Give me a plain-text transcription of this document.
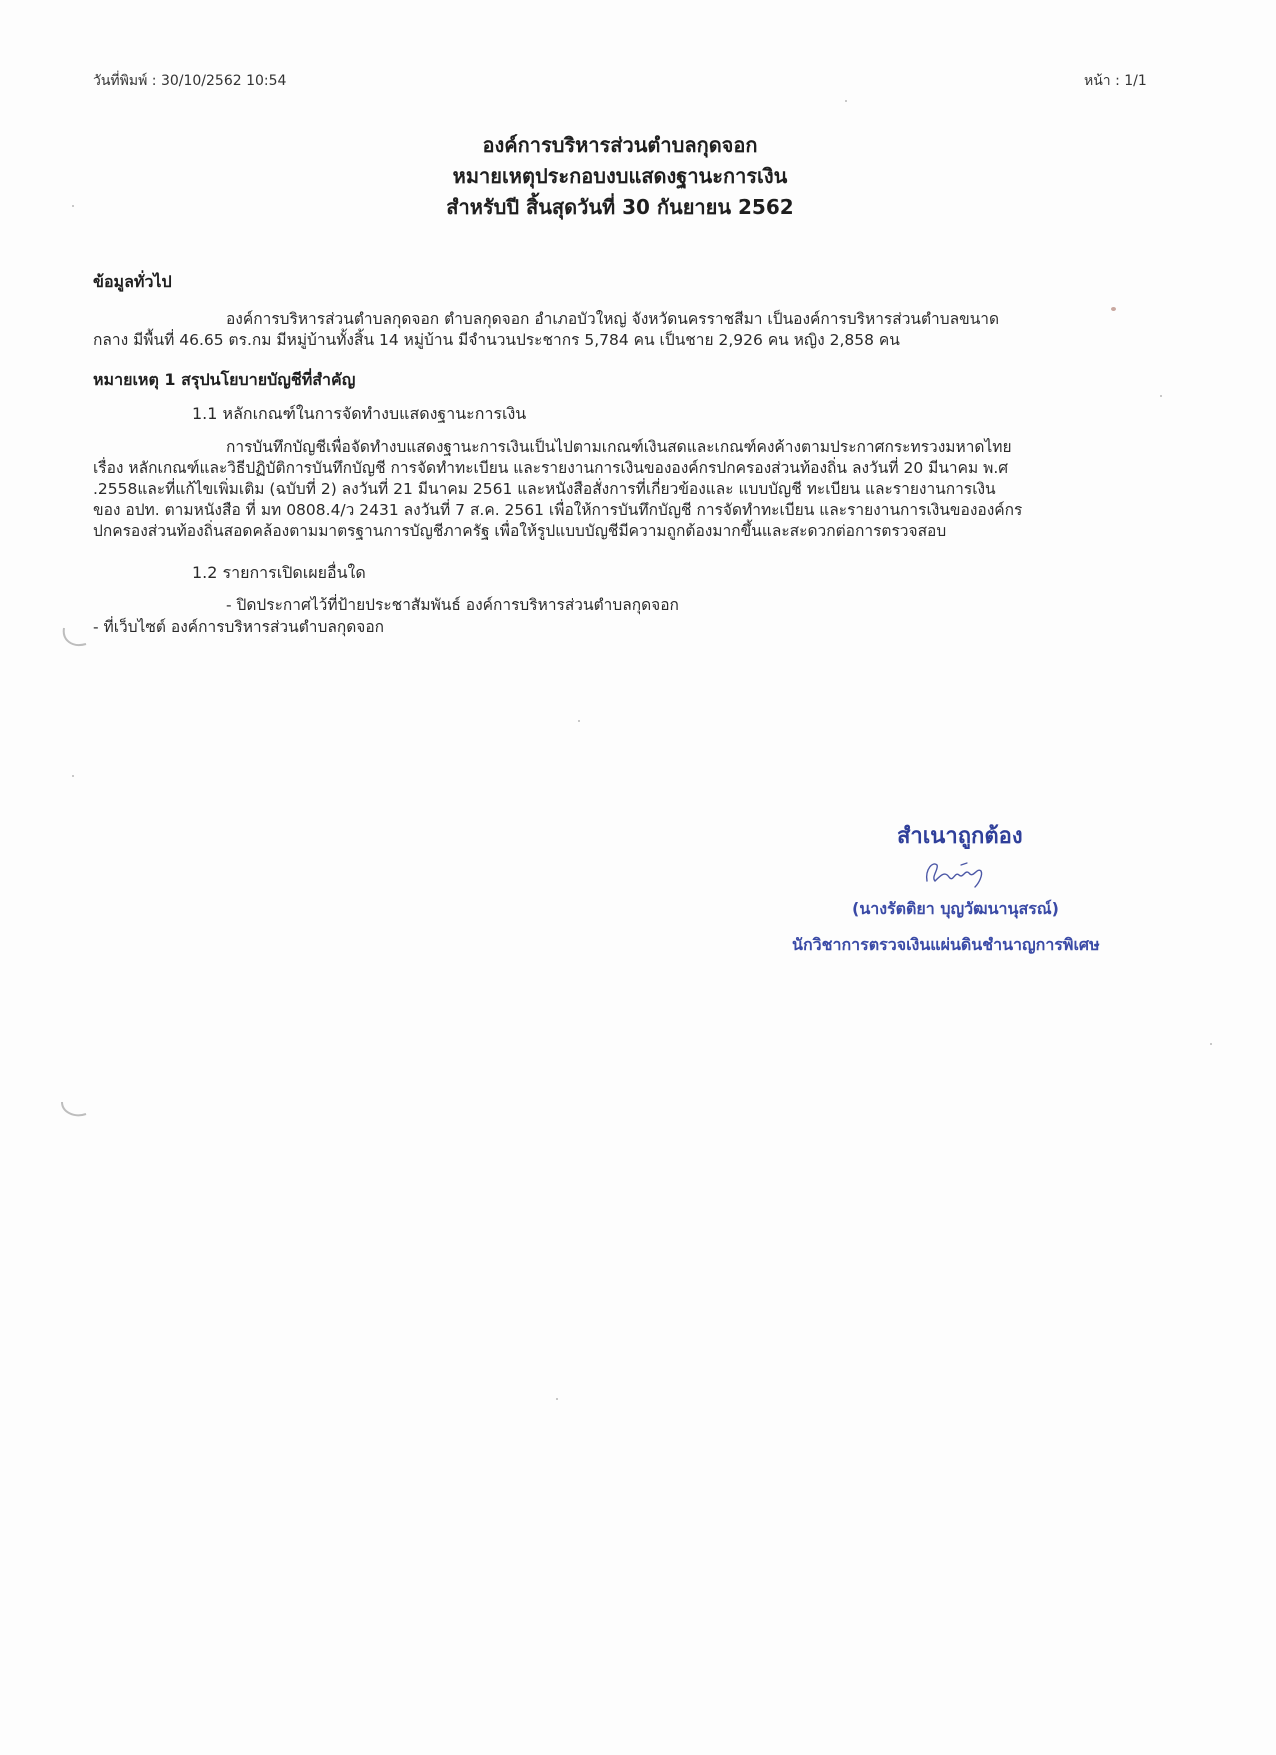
วันที่พิมพ์ : 30/10/2562 10:54	หน้า : 1/1
องค์การบริหารส่วนตำบลกุดจอก
หมายเหตุประกอบงบแสดงฐานะการเงิน
สำหรับปี สิ้นสุดวันที่ 30 กันยายน 2562
ข้อมูลทั่วไป
องค์การบริหารส่วนตำบลกุดจอก ตำบลกุดจอก อำเภอบัวใหญ่ จังหวัดนครราชสีมา เป็นองค์การบริหารส่วนตำบลขนาด
กลาง มีพื้นที่ 46.65 ตร.กม มีหมู่บ้านทั้งสิ้น 14 หมู่บ้าน มีจำนวนประชากร 5,784 คน เป็นชาย 2,926 คน หญิง 2,858 คน
หมายเหตุ 1 สรุปนโยบายบัญชีที่สำคัญ
1.1 หลักเกณฑ์ในการจัดทำงบแสดงฐานะการเงิน
การบันทึกบัญชีเพื่อจัดทำงบแสดงฐานะการเงินเป็นไปตามเกณฑ์เงินสดและเกณฑ์คงค้างตามประกาศกระทรวงมหาดไทย
เรื่อง หลักเกณฑ์และวิธีปฏิบัติการบันทึกบัญชี การจัดทำทะเบียน และรายงานการเงินขององค์กรปกครองส่วนท้องถิ่น ลงวันที่ 20 มีนาคม พ.ศ
.2558และที่แก้ไขเพิ่มเติม (ฉบับที่ 2) ลงวันที่ 21 มีนาคม 2561 และหนังสือสั่งการที่เกี่ยวข้องและ แบบบัญชี ทะเบียน และรายงานการเงิน
ของ อปท. ตามหนังสือ ที่ มท 0808.4/ว 2431 ลงวันที่ 7 ส.ค. 2561 เพื่อให้การบันทึกบัญชี การจัดทำทะเบียน และรายงานการเงินขององค์กร
ปกครองส่วนท้องถิ่นสอดคล้องตามมาตรฐานการบัญชีภาครัฐ เพื่อให้รูปแบบบัญชีมีความถูกต้องมากขึ้นและสะดวกต่อการตรวจสอบ
1.2 รายการเปิดเผยอื่นใด
- ปิดประกาศไว้ที่ป้ายประชาสัมพันธ์ องค์การบริหารส่วนตำบลกุดจอก
- ที่เว็บไซต์ องค์การบริหารส่วนตำบลกุดจอก
สำเนาถูกต้อง
(นางรัตติยา บุญวัฒนานุสรณ์)
นักวิชาการตรวจเงินแผ่นดินชำนาญการพิเศษ
